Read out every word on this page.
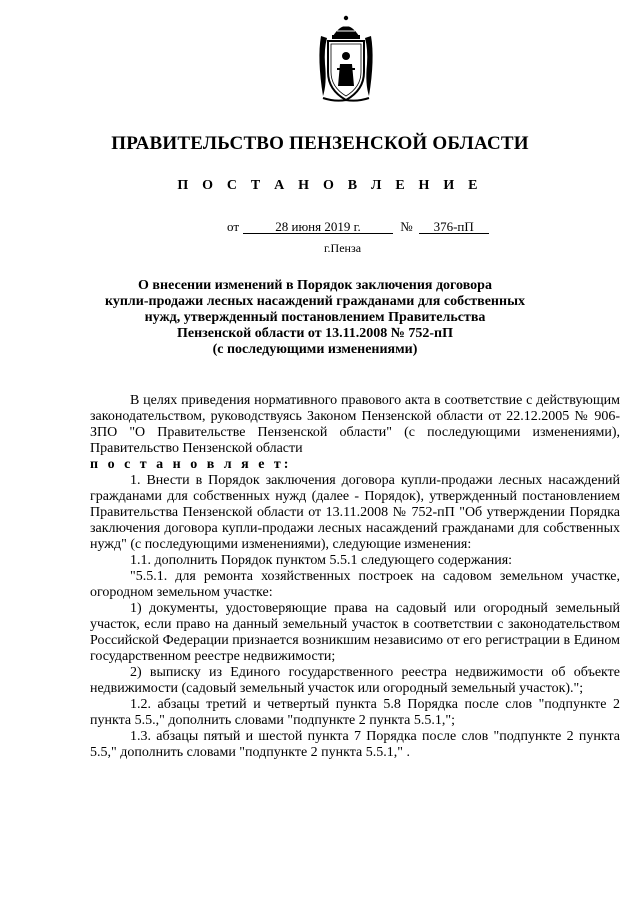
ПРАВИТЕЛЬСТВО ПЕНЗЕНСКОЙ ОБЛАСТИ
П О С Т А Н О В Л Е Н И Е
от	28 июня 2019 г.	№ 376-пП
г.Пенза
О внесении изменений в Порядок заключения договора
купли-продажи лесных насаждений гражданами для собственных
нужд, утвержденный постановлением Правительства
Пензенской области от 13.11.2008 № 752-пП
(с последующими изменениями)

В целях приведения нормативного правового акта в соответствие с действующим законодательством, руководствуясь Законом Пензенской области от 22.12.2005 № 906-ЗПО "О Правительстве Пензенской области" (с последующими изменениями), Правительство Пензенской области
п о с т а н о в л я е т:

1. Внести в Порядок заключения договора купли-продажи лесных насаждений гражданами для собственных нужд (далее - Порядок), утвержденный постановлением Правительства Пензенской области от 13.11.2008 № 752-пП "Об утверждении Порядка заключения договора купли-продажи лесных насаждений гражданами для собственных нужд" (с последующими изменениями), следующие изменения:

1.1. дополнить Порядок пунктом 5.5.1 следующего содержания:

"5.5.1. для ремонта хозяйственных построек на садовом земельном участке, огородном земельном участке:

1) документы, удостоверяющие права на садовый или огородный земельный участок, если право на данный земельный участок в соответствии с законодательством Российской Федерации признается возникшим независимо от его регистрации в Едином государственном реестре недвижимости;

2) выписку из Единого государственного реестра недвижимости об объекте недвижимости (садовый земельный участок или огородный земельный участок).";

1.2. абзацы третий и четвертый пункта 5.8 Порядка после слов "подпункте 2 пункта 5.5.," дополнить словами "подпункте 2 пункта 5.5.1,";

1.3. абзацы пятый и шестой пункта 7 Порядка после слов "подпункте 2 пункта 5.5," дополнить словами "подпункте 2 пункта 5.5.1," .
